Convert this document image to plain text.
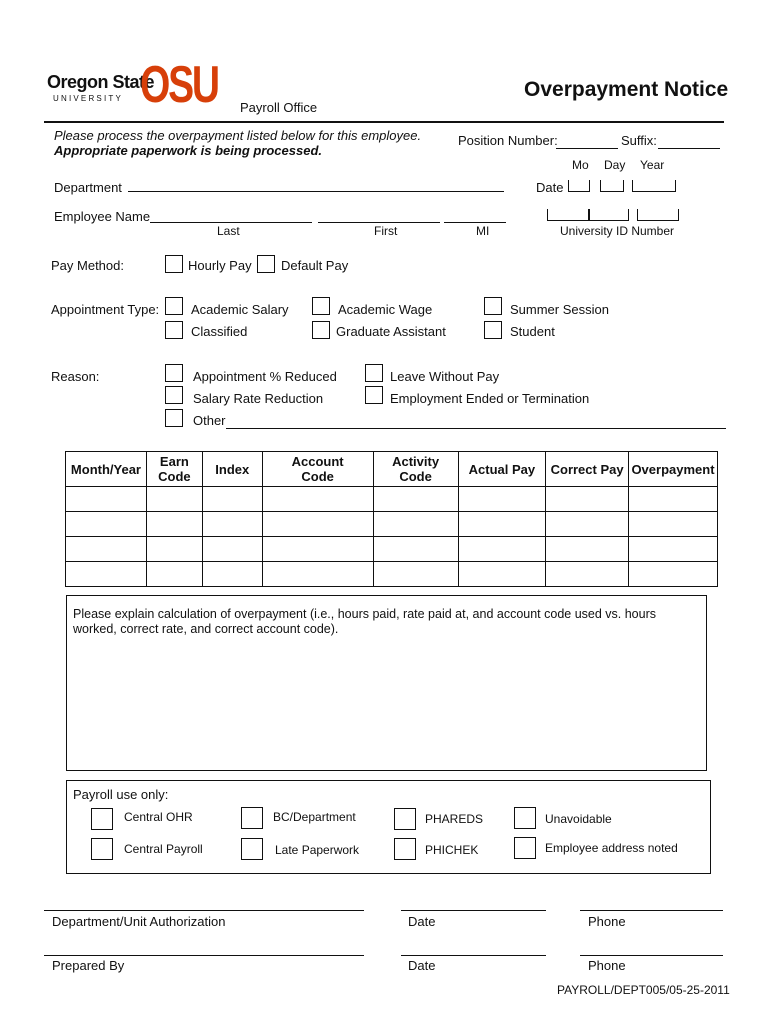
Oregon State
UNIVERSITY OSU Payroll Office
Overpayment Notice
Please process the overpayment listed below for this employee.
Appropriate paperwork is being processed.
Position Number:	Suffix:
Mo Day Year
Department	Date
Employee Name
Last	First	MI	University ID Number
Pay Method:	Hourly Pay Default Pay
Appointment Type: Academic Salary	Academic Wage	Summer Session
Classified	Graduate Assistant	Student
Reason:	Appointment % Reduced	Leave Without Pay
Salary Rate Reduction	Employment Ended or Termination
Other
Month/Year	Earn Code	Index	Account Code	Activity Code	Actual Pay	Correct Pay	Overpayment

Please explain calculation of overpayment (i.e., hours paid, rate paid at, and account code used vs. hours
worked, correct rate, and correct account code).
Payroll use only:
Central OHR	BC/Department	PHAREDS	Unavoidable
Central Payroll	Late Paperwork	PHICHEK	Employee address noted
Department/Unit Authorization	Date	Phone
Prepared By	Date	Phone
PAYROLL/DEPT005/05-25-2011
